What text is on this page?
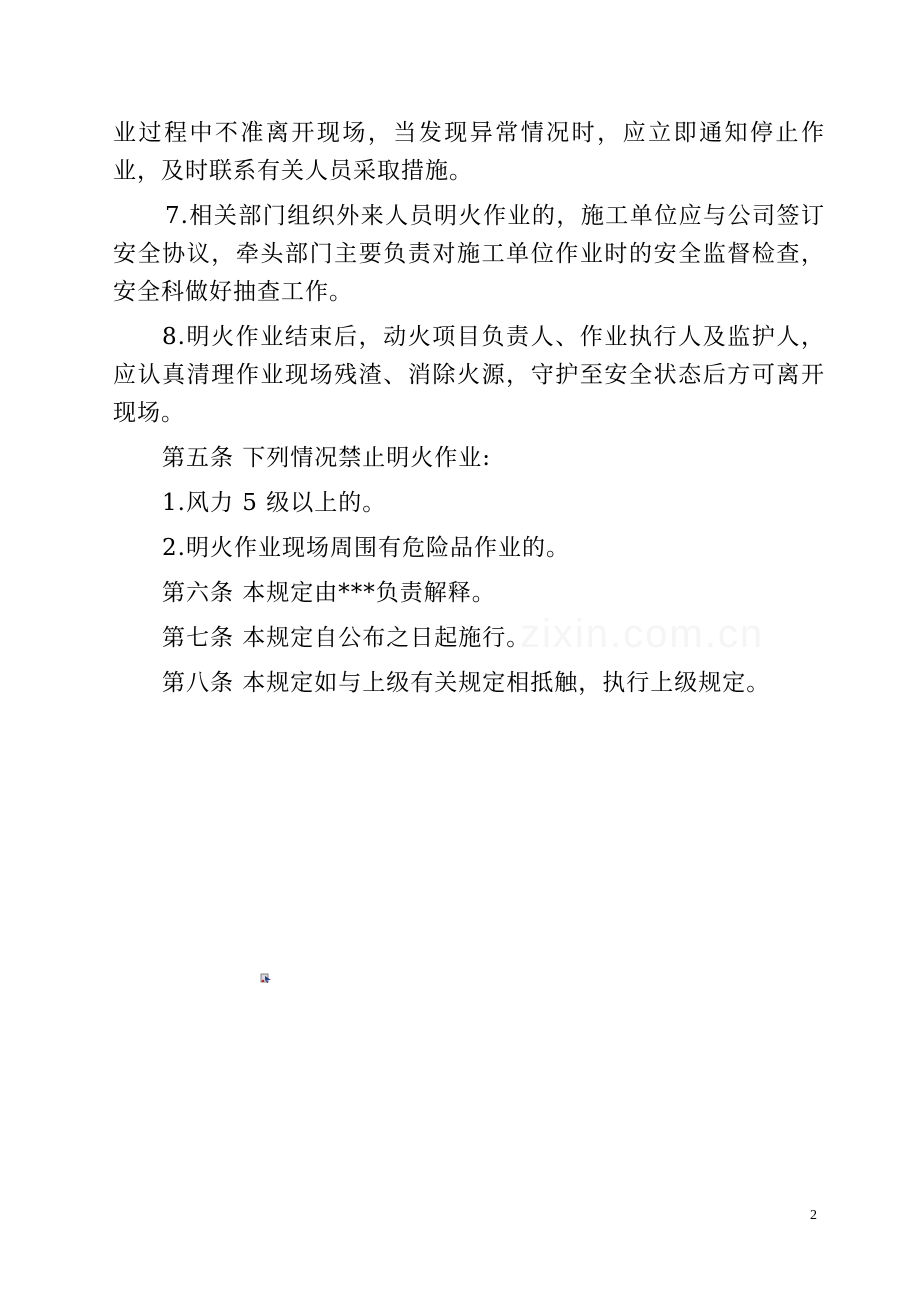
zixin.com.cn

业过程中不准离开现场，当发现异常情况时，应立即通知停止作业，及时联系有关人员采取措施。

7.相关部门组织外来人员明火作业的，施工单位应与公司签订安全协议，牵头部门主要负责对施工单位作业时的安全监督检查，安全科做好抽查工作。

8.明火作业结束后，动火项目负责人、作业执行人及监护人，应认真清理作业现场残渣、消除火源，守护至安全状态后方可离开现场。

第五条 下列情况禁止明火作业:

1.风力 5 级以上的。

2.明火作业现场周围有危险品作业的。

第六条 本规定由***负责解释。

第七条 本规定自公布之日起施行。

第八条 本规定如与上级有关规定相抵触，执行上级规定。

2
